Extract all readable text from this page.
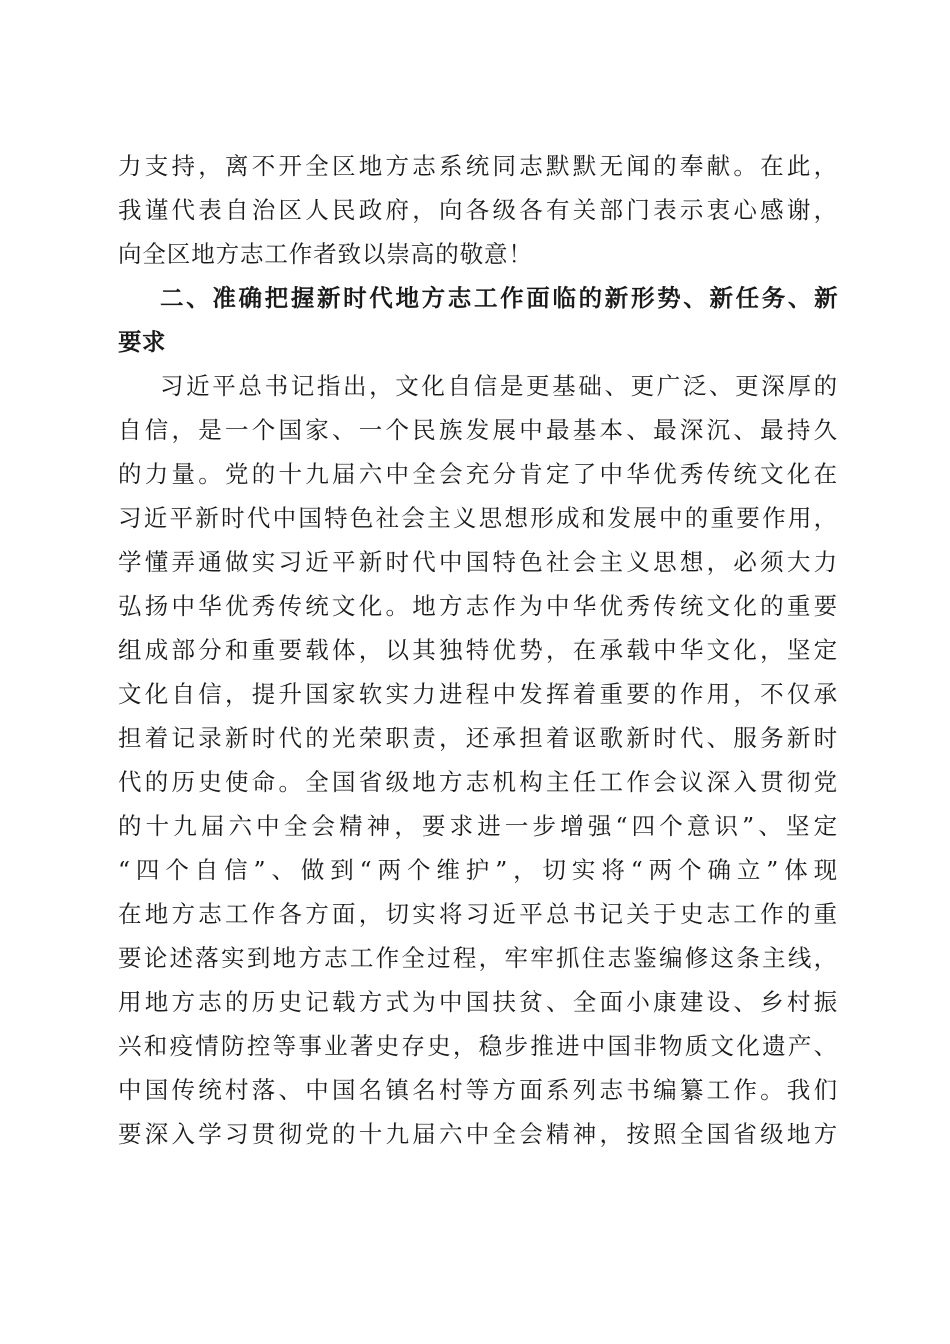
力支持，离不开全区地方志系统同志默默无闻的奉献。在此，
我谨代表自治区人民政府，向各级各有关部门表示衷心感谢，
向全区地方志工作者致以崇高的敬意！
二、准确把握新时代地方志工作面临的新形势、新任务、新
要求
习近平总书记指出，文化自信是更基础、更广泛、更深厚的
自信，是一个国家、一个民族发展中最基本、最深沉、最持久
的力量。党的十九届六中全会充分肯定了中华优秀传统文化在
习近平新时代中国特色社会主义思想形成和发展中的重要作用，
学懂弄通做实习近平新时代中国特色社会主义思想，必须大力
弘扬中华优秀传统文化。地方志作为中华优秀传统文化的重要
组成部分和重要载体，以其独特优势，在承载中华文化，坚定
文化自信，提升国家软实力进程中发挥着重要的作用，不仅承
担着记录新时代的光荣职责，还承担着讴歌新时代、服务新时
代的历史使命。全国省级地方志机构主任工作会议深入贯彻党
的十九届六中全会精神，要求进一步增强“四个意识”、坚定
“四个自信”、做到“两个维护”，切实将“两个确立”体现
在地方志工作各方面，切实将习近平总书记关于史志工作的重
要论述落实到地方志工作全过程，牢牢抓住志鉴编修这条主线，
用地方志的历史记载方式为中国扶贫、全面小康建设、乡村振
兴和疫情防控等事业著史存史，稳步推进中国非物质文化遗产、
中国传统村落、中国名镇名村等方面系列志书编纂工作。我们
要深入学习贯彻党的十九届六中全会精神，按照全国省级地方
